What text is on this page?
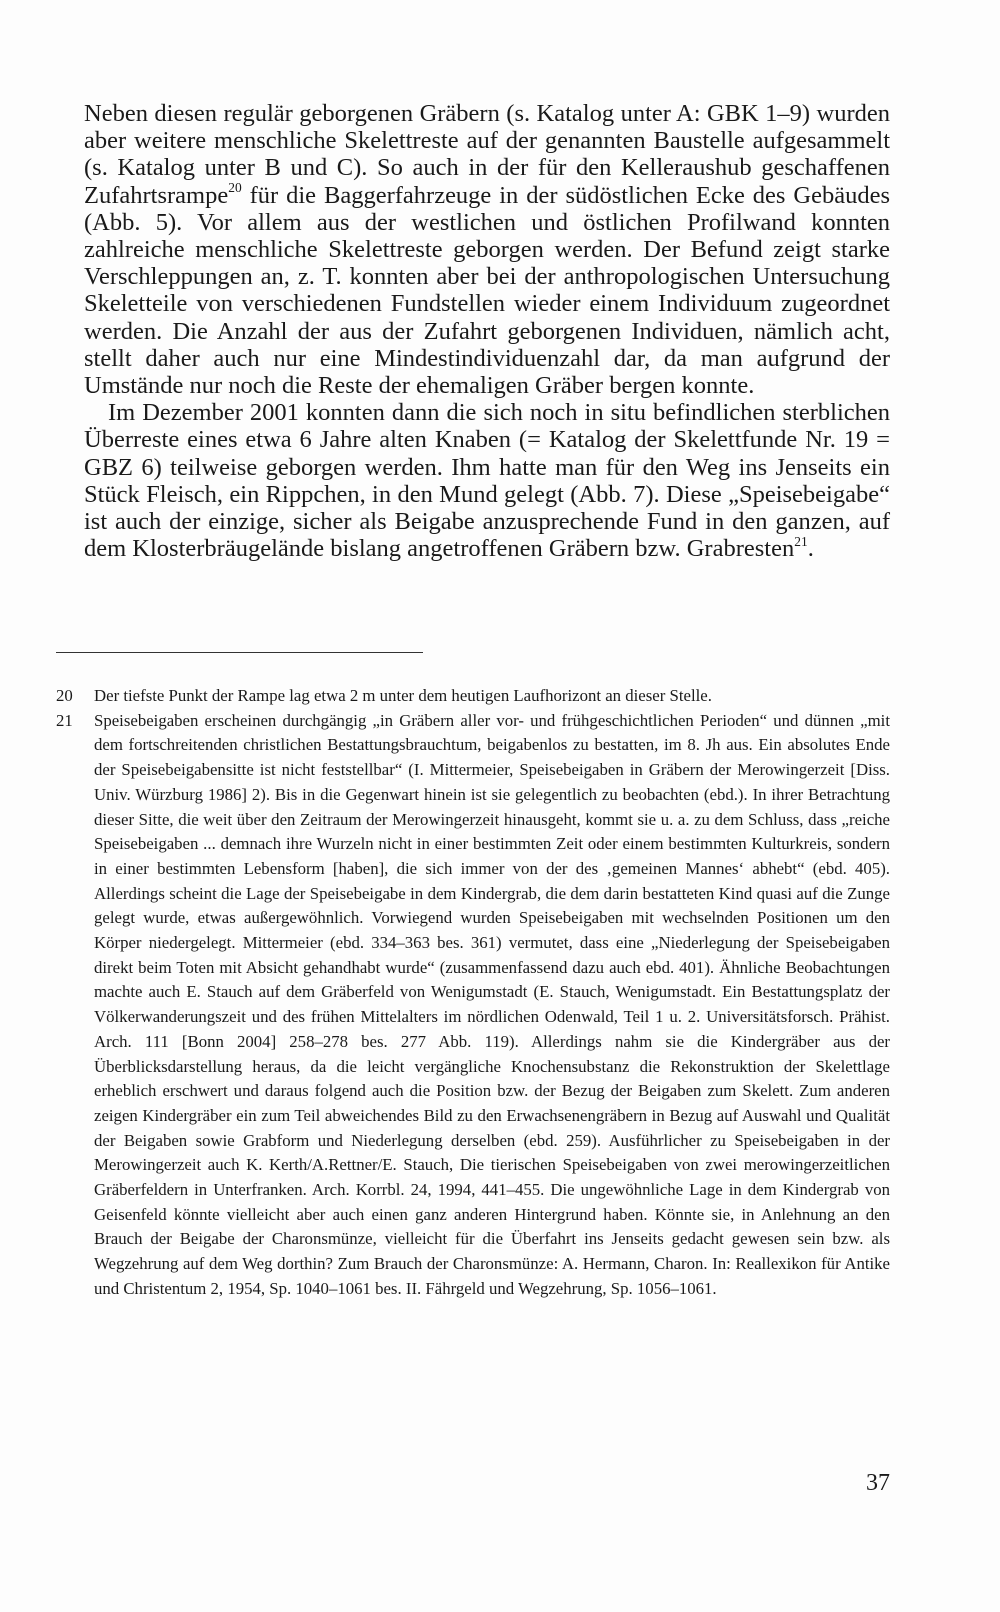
Neben diesen regulär geborgenen Gräbern (s. Katalog unter A: GBK 1–9) wurden aber weitere menschliche Skelettreste auf der genannten Baustelle aufgesammelt (s. Katalog unter B und C). So auch in der für den Kelleraushub geschaffenen Zufahrtsrampe$^{20}$ für die Baggerfahrzeuge in der südöstlichen Ecke des Gebäudes (Abb. 5). Vor allem aus der westlichen und östlichen Profilwand konnten zahlreiche menschliche Skelettreste geborgen werden. Der Befund zeigt starke Verschleppungen an, z. T. konnten aber bei der anthropologischen Untersuchung Skeletteile von verschiedenen Fundstellen wieder einem Individuum zugeordnet werden. Die Anzahl der aus der Zufahrt geborgenen Individuen, nämlich acht, stellt daher auch nur eine Mindestindividuenzahl dar, da man aufgrund der Umstände nur noch die Reste der ehemaligen Gräber bergen konnte.

Im Dezember 2001 konnten dann die sich noch in situ befindlichen sterblichen Überreste eines etwa 6 Jahre alten Knaben (= Katalog der Skelettfunde Nr. 19 = GBZ 6) teilweise geborgen werden. Ihm hatte man für den Weg ins Jenseits ein Stück Fleisch, ein Rippchen, in den Mund gelegt (Abb. 7). Diese „Speisebeigabe“ ist auch der einzige, sicher als Beigabe anzusprechende Fund in den ganzen, auf dem Klosterbräugelände bislang angetroffenen Gräbern bzw. Grabresten$^{21}$.

20 Der tiefste Punkt der Rampe lag etwa 2 m unter dem heutigen Laufhorizont an dieser Stelle.

21 Speisebeigaben erscheinen durchgängig „in Gräbern aller vor- und frühgeschichtlichen Perioden“ und dünnen „mit dem fortschreitenden christlichen Bestattungsbrauchtum, beigabenlos zu bestatten, im 8. Jh aus. Ein absolutes Ende der Speisebeigabensitte ist nicht feststellbar“ (I. Mittermeier, Speisebeigaben in Gräbern der Merowingerzeit [Diss. Univ. Würzburg 1986] 2). Bis in die Gegenwart hinein ist sie gelegentlich zu beobachten (ebd.). In ihrer Betrachtung dieser Sitte, die weit über den Zeitraum der Merowingerzeit hinausgeht, kommt sie u. a. zu dem Schluss, dass „reiche Speisebeigaben ... demnach ihre Wurzeln nicht in einer bestimmten Zeit oder einem bestimmten Kulturkreis, sondern in einer bestimmten Lebensform [haben], die sich immer von der des ‚gemeinen Mannes‘ abhebt“ (ebd. 405). Allerdings scheint die Lage der Speisebeigabe in dem Kindergrab, die dem darin bestatteten Kind quasi auf die Zunge gelegt wurde, etwas außergewöhnlich. Vorwiegend wurden Speisebeigaben mit wechselnden Positionen um den Körper niedergelegt. Mittermeier (ebd. 334–363 bes. 361) vermutet, dass eine „Niederlegung der Speisebeigaben direkt beim Toten mit Absicht gehandhabt wurde“ (zusammenfassend dazu auch ebd. 401). Ähnliche Beobachtungen machte auch E. Stauch auf dem Gräberfeld von Wenigumstadt (E. Stauch, Wenigumstadt. Ein Bestattungsplatz der Völkerwanderungszeit und des frühen Mittelalters im nördlichen Odenwald, Teil 1 u. 2. Universitätsforsch. Prähist. Arch. 111 [Bonn 2004] 258–278 bes. 277 Abb. 119). Allerdings nahm sie die Kindergräber aus der Überblicksdarstellung heraus, da die leicht vergängliche Knochensubstanz die Rekonstruktion der Skelettlage erheblich erschwert und daraus folgend auch die Position bzw. der Bezug der Beigaben zum Skelett. Zum anderen zeigen Kindergräber ein zum Teil abweichendes Bild zu den Erwachsenengräbern in Bezug auf Auswahl und Qualität der Beigaben sowie Grabform und Niederlegung derselben (ebd. 259). Ausführlicher zu Speisebeigaben in der Merowingerzeit auch K. Kerth/A.Rettner/E. Stauch, Die tierischen Speisebeigaben von zwei merowingerzeitlichen Gräberfeldern in Unterfranken. Arch. Korrbl. 24, 1994, 441–455. Die ungewöhnliche Lage in dem Kindergrab von Geisenfeld könnte vielleicht aber auch einen ganz anderen Hintergrund haben. Könnte sie, in Anlehnung an den Brauch der Beigabe der Charonsmünze, vielleicht für die Überfahrt ins Jenseits gedacht gewesen sein bzw. als Wegzehrung auf dem Weg dorthin? Zum Brauch der Charonsmünze: A. Hermann, Charon. In: Reallexikon für Antike und Christentum 2, 1954, Sp. 1040–1061 bes. II. Fährgeld und Wegzehrung, Sp. 1056–1061.

37
